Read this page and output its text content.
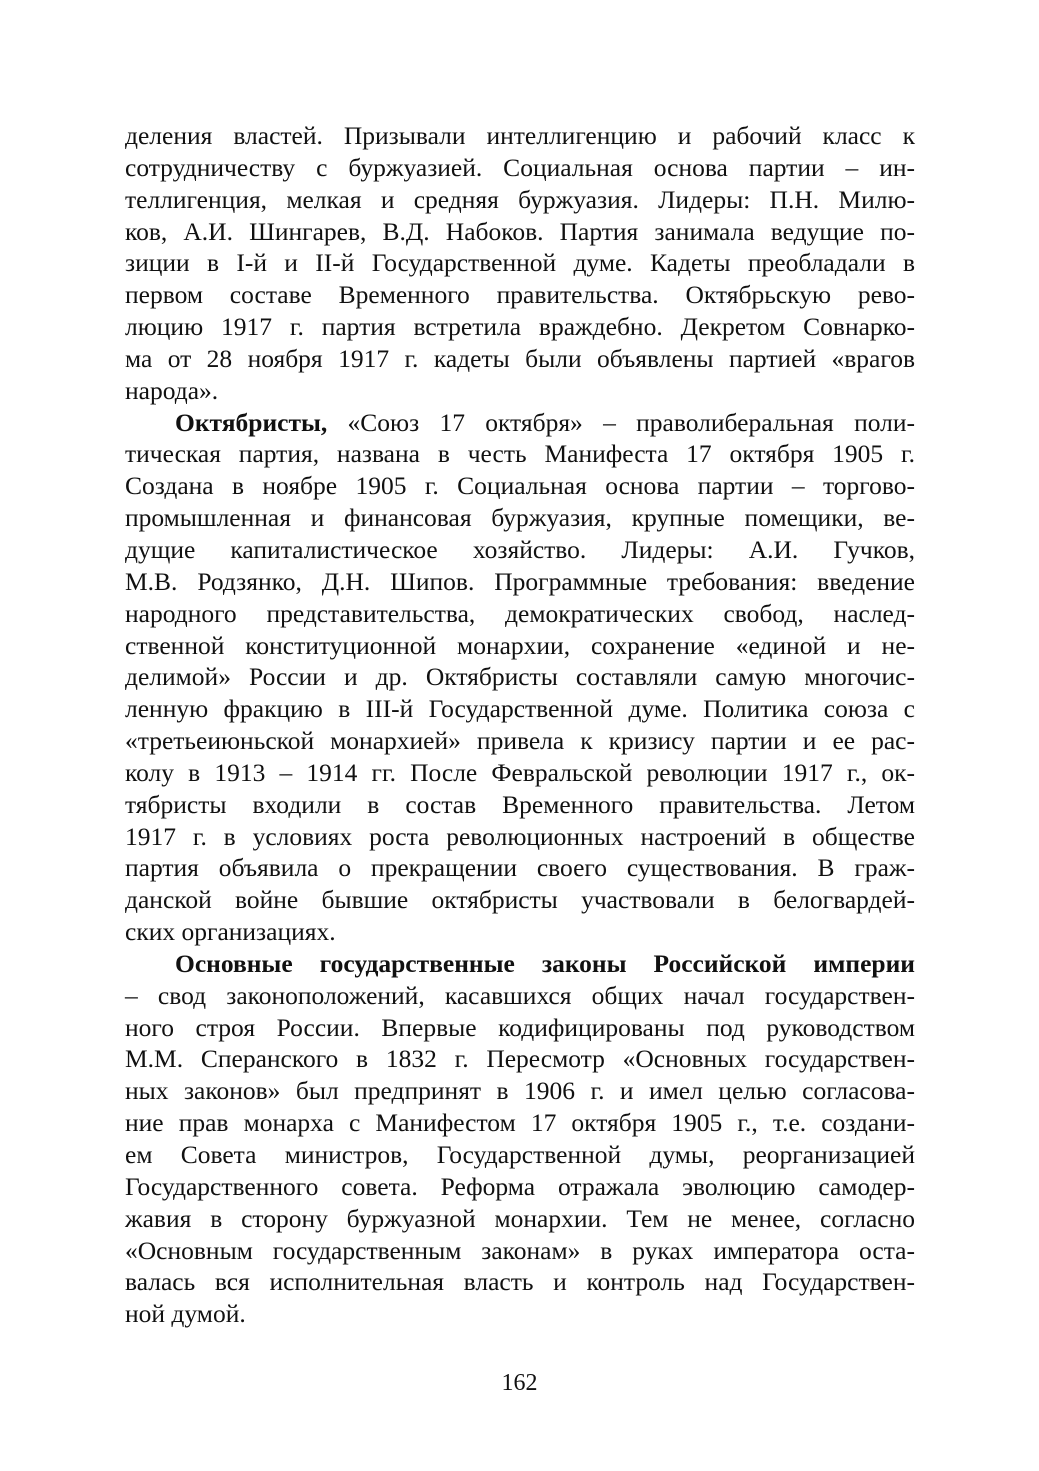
деления властей. Призывали интеллигенцию и рабочий класс к
сотрудничеству с буржуазией. Социальная основа партии – ин-
теллигенция, мелкая и средняя буржуазия. Лидеры: П.Н. Милю-
ков, А.И. Шингарев, В.Д. Набоков. Партия занимала ведущие по-
зиции в I-й и II-й Государственной думе. Кадеты преобладали в
первом составе Временного правительства. Октябрьскую рево-
люцию 1917 г. партия встретила враждебно. Декретом Совнарко-
ма от 28 ноября 1917 г. кадеты были объявлены партией «врагов
народа».
Октябристы, «Союз 17 октября» – праволиберальная поли-
тическая партия, названа в честь Манифеста 17 октября 1905 г.
Создана в ноябре 1905 г. Социальная основа партии – торгово-
промышленная и финансовая буржуазия, крупные помещики, ве-
дущие капиталистическое хозяйство. Лидеры: А.И. Гучков,
М.В. Родзянко, Д.Н. Шипов. Программные требования: введение
народного представительства, демократических свобод, наслед-
ственной конституционной монархии, сохранение «единой и не-
делимой» России и др. Октябристы составляли самую многочис-
ленную фракцию в III-й Государственной думе. Политика союза с
«третьеиюньской монархией» привела к кризису партии и ее рас-
колу в 1913 – 1914 гг. После Февральской революции 1917 г., ок-
тябристы входили в состав Временного правительства. Летом
1917 г. в условиях роста революционных настроений в обществе
партия объявила о прекращении своего существования. В граж-
данской войне бывшие октябристы участвовали в белогвардей-
ских организациях.
Основные государственные законы Российской империи
– свод законоположений, касавшихся общих начал государствен-
ного строя России. Впервые кодифицированы под руководством
М.М. Сперанского в 1832 г. Пересмотр «Основных государствен-
ных законов» был предпринят в 1906 г. и имел целью согласова-
ние прав монарха с Манифестом 17 октября 1905 г., т.е. создани-
ем Совета министров, Государственной думы, реорганизацией
Государственного совета. Реформа отражала эволюцию самодер-
жавия в сторону буржуазной монархии. Тем не менее, согласно
«Основным государственным законам» в руках императора оста-
валась вся исполнительная власть и контроль над Государствен-
ной думой.
162
